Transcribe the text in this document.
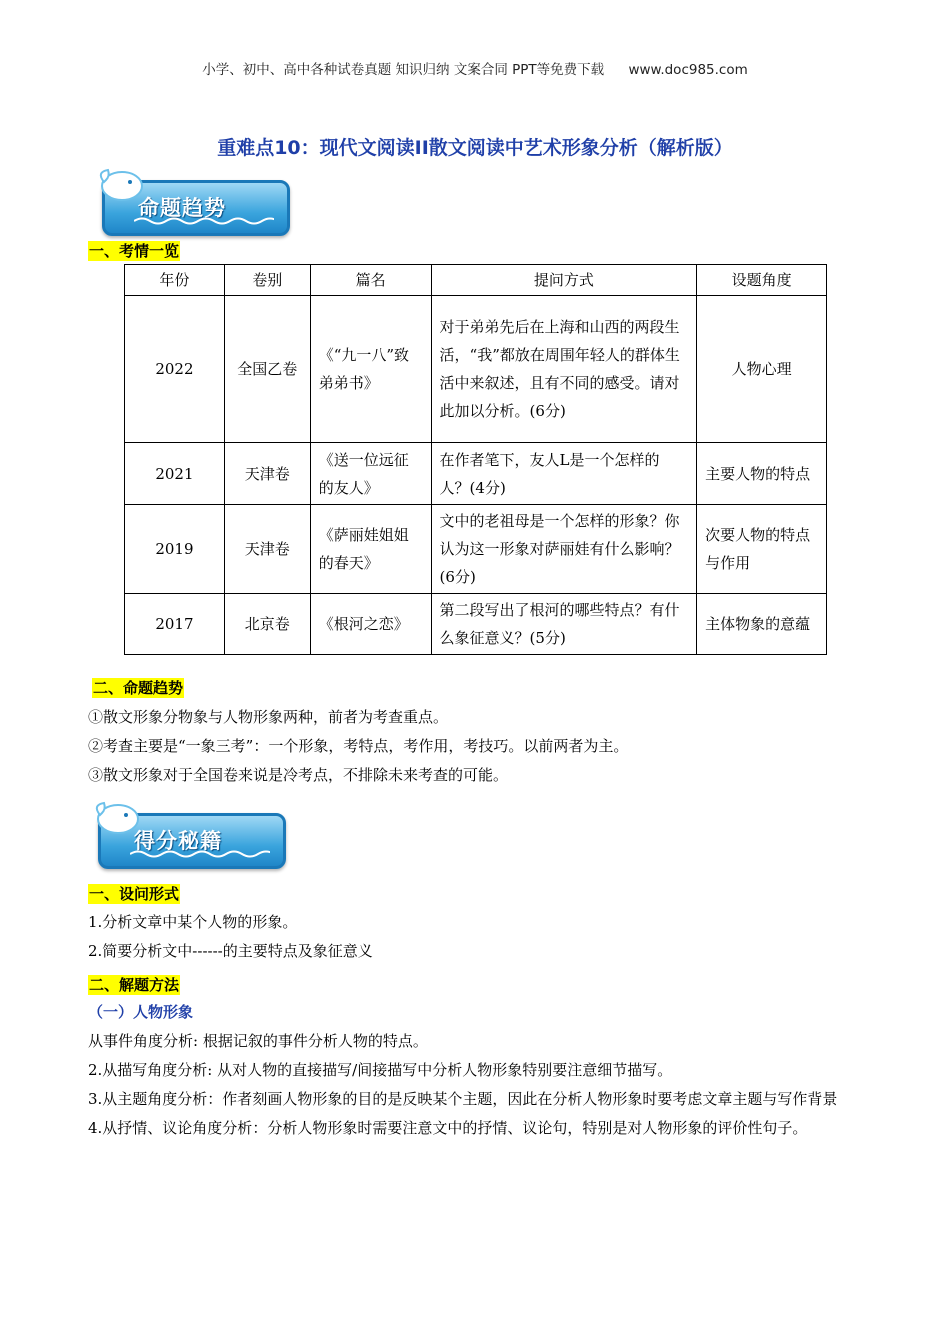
小学、初中、高中各种试卷真题 知识归纳 文案合同 PPT等免费下载 www.doc985.com
重难点10：现代文阅读II散文阅读中艺术形象分析（解析版）
命题趋势
一、考情一览
年份	卷别	篇名	提问方式	设题角度
2022	全国乙卷	《“九一八”致弟弟书》	对于弟弟先后在上海和山西的两段生活，“我”都放在周围年轻人的群体生活中来叙述，且有不同的感受。请对此加以分析。(6分)	人物心理
2021	天津卷	《送一位远征的友人》	在作者笔下，友人L是一个怎样的人？(4分)	主要人物的特点
2019	天津卷	《萨丽娃姐姐的春天》	文中的老祖母是一个怎样的形象？你认为这一形象对萨丽娃有什么影响？(6分)	次要人物的特点与作用
2017	北京卷	《根河之恋》	第二段写出了根河的哪些特点？有什么象征意义？(5分)	主体物象的意蕴
二、命题趋势
①散文形象分物象与人物形象两种，前者为考查重点。
②考查主要是“一象三考”：一个形象，考特点，考作用，考技巧。以前两者为主。
③散文形象对于全国卷来说是冷考点，不排除未来考查的可能。
得分秘籍
一、设问形式
1.分析文章中某个人物的形象。
2.简要分析文中------的主要特点及象征意义
二、解题方法
（一）人物形象
从事件角度分析: 根据记叙的事件分析人物的特点。
2.从描写角度分析: 从对人物的直接描写/间接描写中分析人物形象特别要注意细节描写。
3.从主题角度分析：作者刻画人物形象的目的是反映某个主题，因此在分析人物形象时要考虑文章主题与写作背景
4.从抒情、议论角度分析：分析人物形象时需要注意文中的抒情、议论句，特别是对人物形象的评价性句子。
